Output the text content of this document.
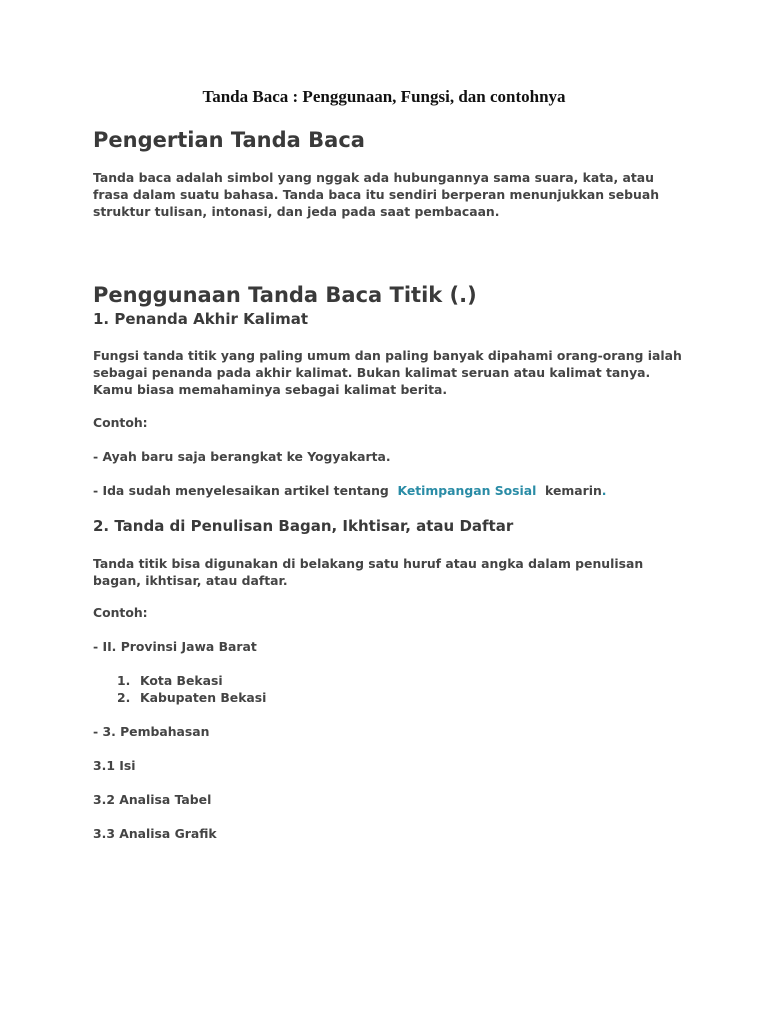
Tanda Baca : Penggunaan, Fungsi, dan contohnya
Pengertian Tanda Baca
Tanda baca adalah simbol yang nggak ada hubungannya sama suara, kata, atau frasa dalam suatu bahasa. Tanda baca itu sendiri berperan menunjukkan sebuah struktur tulisan, intonasi, dan jeda pada saat pembacaan.
Penggunaan Tanda Baca Titik (.)
1. Penanda Akhir Kalimat
Fungsi tanda titik yang paling umum dan paling banyak dipahami orang-orang ialah sebagai penanda pada akhir kalimat. Bukan kalimat seruan atau kalimat tanya. Kamu biasa memahaminya sebagai kalimat berita.
Contoh:
- Ayah baru saja berangkat ke Yogyakarta.
- Ida sudah menyelesaikan artikel tentang Ketimpangan Sosial kemarin.
2. Tanda di Penulisan Bagan, Ikhtisar, atau Daftar
Tanda titik bisa digunakan di belakang satu huruf atau angka dalam penulisan bagan, ikhtisar, atau daftar.
Contoh:
- II. Provinsi Jawa Barat
1. Kota Bekasi
2. Kabupaten Bekasi
- 3. Pembahasan
3.1 Isi
3.2 Analisa Tabel
3.3 Analisa Grafik
